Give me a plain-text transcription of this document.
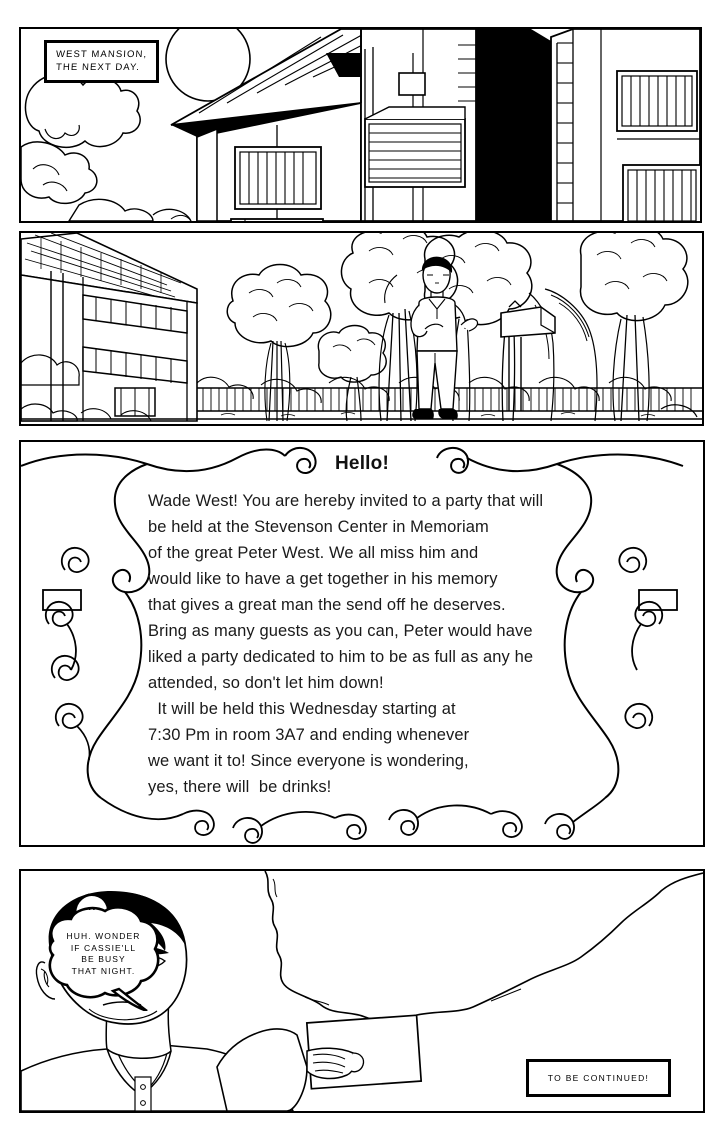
WEST MANSION,
THE NEXT DAY.
Hello!
Wade West! You are hereby invited to a party that will
be held at the Stevenson Center in Memoriam
of the great Peter West. We all miss him and
would like to have a get together in his memory
that gives a great man the send off he deserves.
Bring as many guests as you can, Peter would have
liked a party dedicated to him to be as full as any he
attended, so don't let him down!
It will be held this Wednesday starting at
7:30 Pm in room 3A7 and ending whenever
we want it to! Since everyone is wondering,
yes, there will  be drinks!
...
HUH. WONDER
IF CASSIE'LL
BE BUSY
THAT NIGHT.
TO BE CONTINUED!
